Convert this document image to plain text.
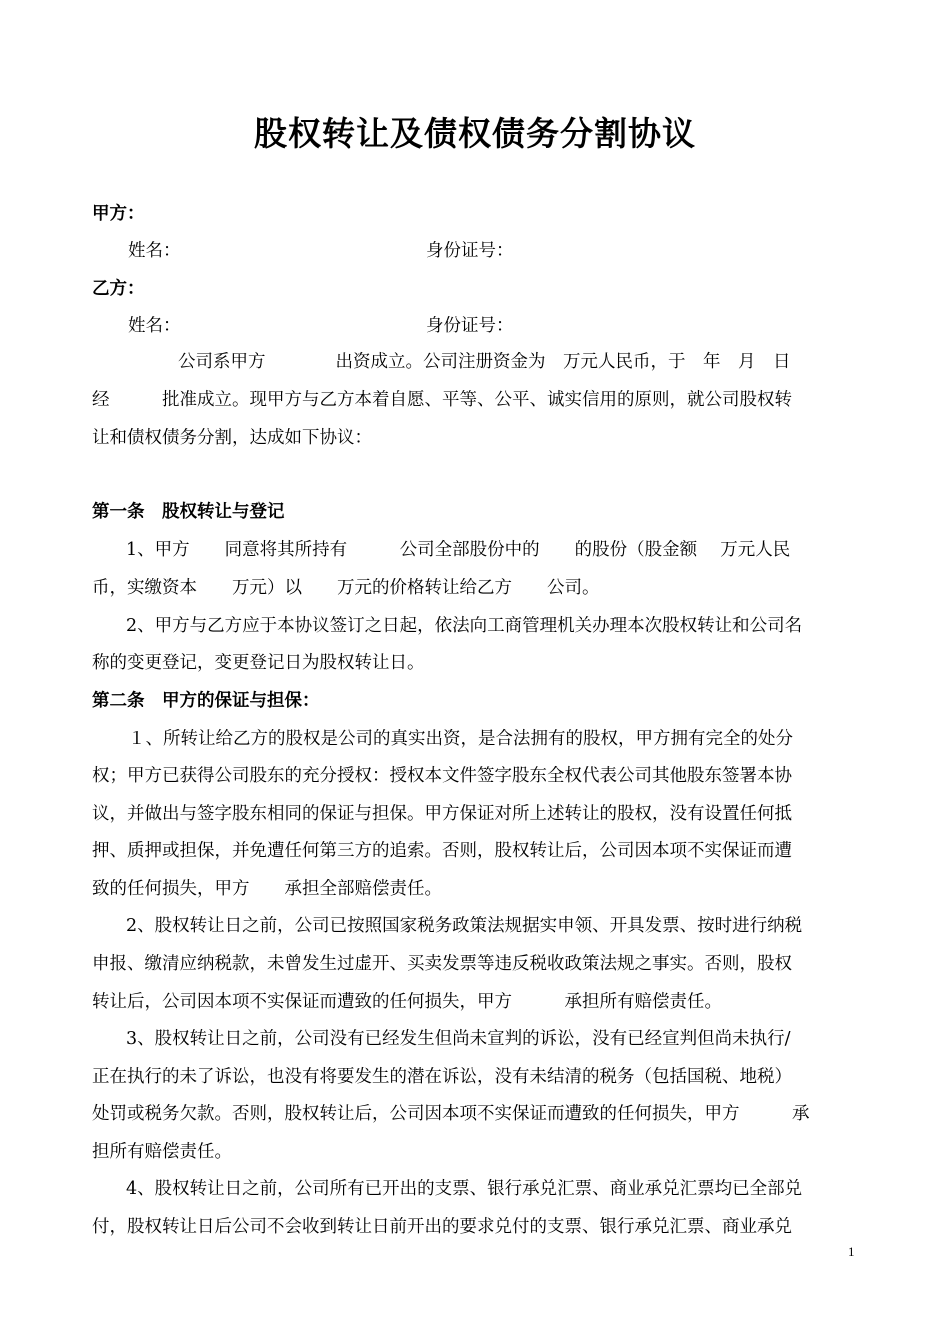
股权转让及债权债务分割协议
甲方：
姓名：	身份证号：
乙方：
姓名：	身份证号：
公司系甲方　　　　出资成立。公司注册资金为　万元人民币，于　年　月　日
经　　　批准成立。现甲方与乙方本着自愿、平等、公平、诚实信用的原则，就公司股权转
让和债权债务分割，达成如下协议：
第一条　股权转让与登记
1、甲方　　同意将其所持有　　　公司全部股份中的　　的股份（股金额　 万元人民
币，实缴资本　　万元）以　　万元的价格转让给乙方　　公司。
2、甲方与乙方应于本协议签订之日起，依法向工商管理机关办理本次股权转让和公司名
称的变更登记，变更登记日为股权转让日。
第二条　甲方的保证与担保：
１、所转让给乙方的股权是公司的真实出资，是合法拥有的股权，甲方拥有完全的处分
权；甲方已获得公司股东的充分授权：授权本文件签字股东全权代表公司其他股东签署本协
议，并做出与签字股东相同的保证与担保。甲方保证对所上述转让的股权，没有设置任何抵
押、质押或担保，并免遭任何第三方的追索。否则，股权转让后，公司因本项不实保证而遭
致的任何损失，甲方　　承担全部赔偿责任。
2、股权转让日之前，公司已按照国家税务政策法规据实申领、开具发票、按时进行纳税
申报、缴清应纳税款，未曾发生过虚开、买卖发票等违反税收政策法规之事实。否则，股权
转让后，公司因本项不实保证而遭致的任何损失，甲方　　　承担所有赔偿责任。
3、股权转让日之前，公司没有已经发生但尚未宣判的诉讼，没有已经宣判但尚未执行/
正在执行的未了诉讼，也没有将要发生的潜在诉讼，没有未结清的税务（包括国税、地税）
处罚或税务欠款。否则，股权转让后，公司因本项不实保证而遭致的任何损失，甲方　　　承
担所有赔偿责任。
4、股权转让日之前，公司所有已开出的支票、银行承兑汇票、商业承兑汇票均已全部兑
付，股权转让日后公司不会收到转让日前开出的要求兑付的支票、银行承兑汇票、商业承兑
1
